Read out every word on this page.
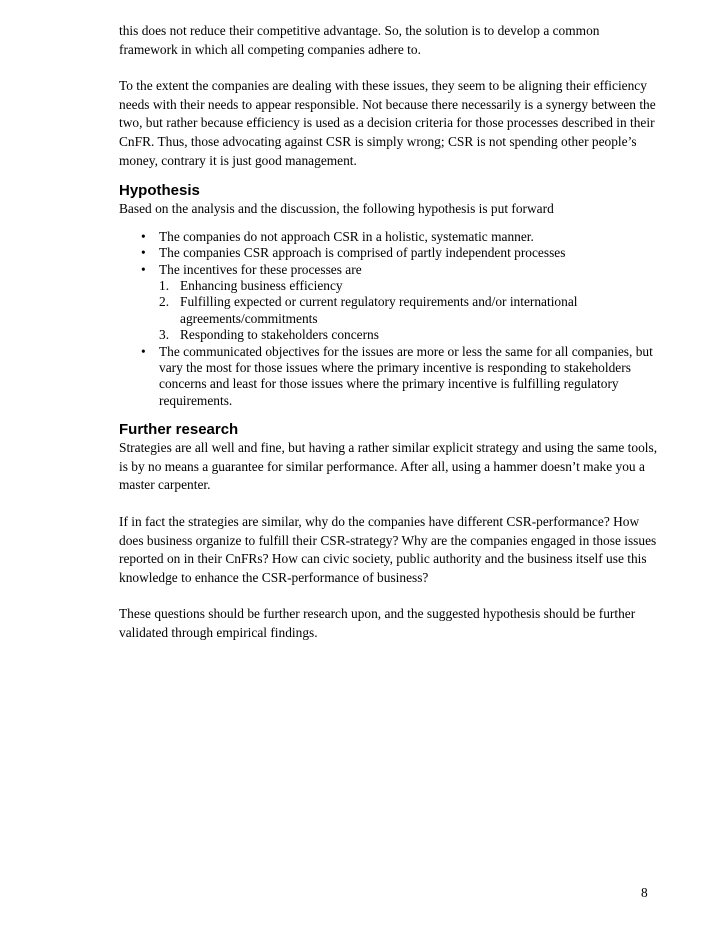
this does not reduce their competitive advantage. So, the solution is to develop a common framework in which all competing companies adhere to.

To the extent the companies are dealing with these issues, they seem to be aligning their efficiency needs with their needs to appear responsible. Not because there necessarily is a synergy between the two, but rather because efficiency is used as a decision criteria for those processes described in their CnFR. Thus, those advocating against CSR is simply wrong; CSR is not spending other people’s money, contrary it is just good management.

Hypothesis

Based on the analysis and the discussion, the following hypothesis is put forward

• The companies do not approach CSR in a holistic, systematic manner.
• The companies CSR approach is comprised of partly independent processes
• The incentives for these processes are
1. Enhancing business efficiency
2. Fulfilling expected or current regulatory requirements and/or international agreements/commitments
3. Responding to stakeholders concerns
• The communicated objectives for the issues are more or less the same for all companies, but vary the most for those issues where the primary incentive is responding to stakeholders concerns and least for those issues where the primary incentive is fulfilling regulatory requirements.
Further research

Strategies are all well and fine, but having a rather similar explicit strategy and using the same tools, is by no means a guarantee for similar performance. After all, using a hammer doesn’t make you a master carpenter.

If in fact the strategies are similar, why do the companies have different CSR-performance? How does business organize to fulfill their CSR-strategy? Why are the companies engaged in those issues reported on in their CnFRs? How can civic society, public authority and the business itself use this knowledge to enhance the CSR-performance of business?

These questions should be further research upon, and the suggested hypothesis should be further validated through empirical findings.

8
